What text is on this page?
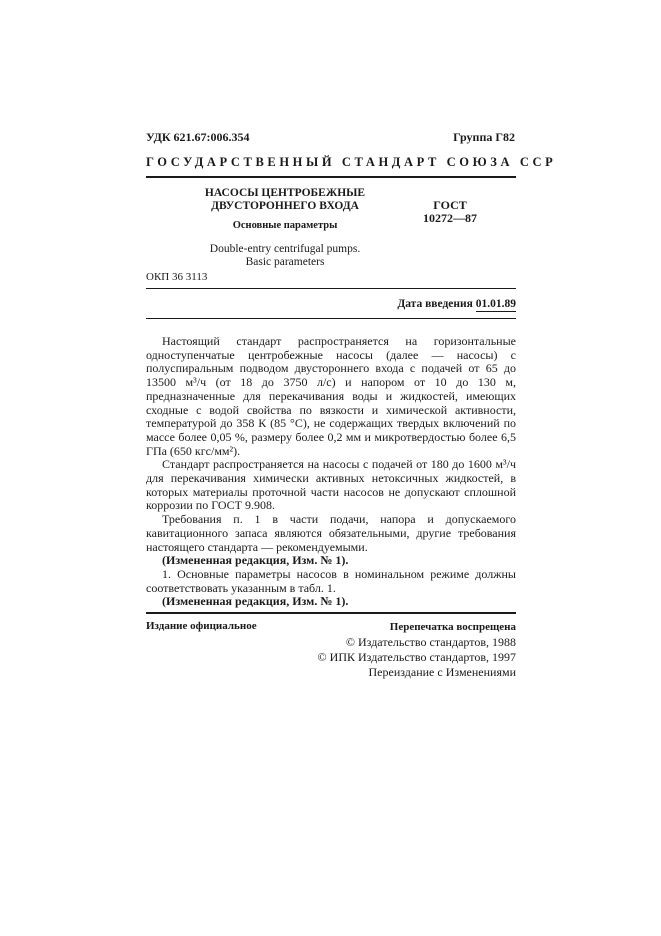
УДК 621.67:006.354	Группа Г82
ГОСУДАРСТВЕННЫЙ СТАНДАРТ СОЮЗА ССР
НАСОСЫ ЦЕНТРОБЕЖНЫЕ
ДВУСТОРОННЕГО ВХОДА	ГОСТ
10272—87
Основные параметры
Double-entry centrifugal pumps.
Basic parameters
ОКП 36 3113
Дата введения 01.01.89

Настоящий стандарт распространяется на горизонтальные одноступенчатые центробежные насосы (далее — насосы) с полуспиральным подводом двустороннего входа с подачей от 65 до 13500 м³/ч (от 18 до 3750 л/с) и напором от 10 до 130 м, предназначенные для перекачивания воды и жидкостей, имеющих сходные с водой свойства по вязкости и химической активности, температурой до 358 К (85 °С), не содержащих твердых включений по массе более 0,05 %, размеру более 0,2 мм и микротвердостью более 6,5 ГПа (650 кгс/мм²).

Стандарт распространяется на насосы с подачей от 180 до 1600 м³/ч для перекачивания химически активных нетоксичных жидкостей, в которых материалы проточной части насосов не допускают сплошной коррозии по ГОСТ 9.908.

Требования п. 1 в части подачи, напора и допускаемого кавитационного запаса являются обязательными, другие требования настоящего стандарта — рекомендуемыми.

(Измененная редакция, Изм. № 1).

1. Основные параметры насосов в номинальном режиме должны соответствовать указанным в табл. 1.

(Измененная редакция, Изм. № 1).

Издание официальное	Перепечатка воспрещена
© Издательство стандартов, 1988
© ИПК Издательство стандартов, 1997
Переиздание с Изменениями
